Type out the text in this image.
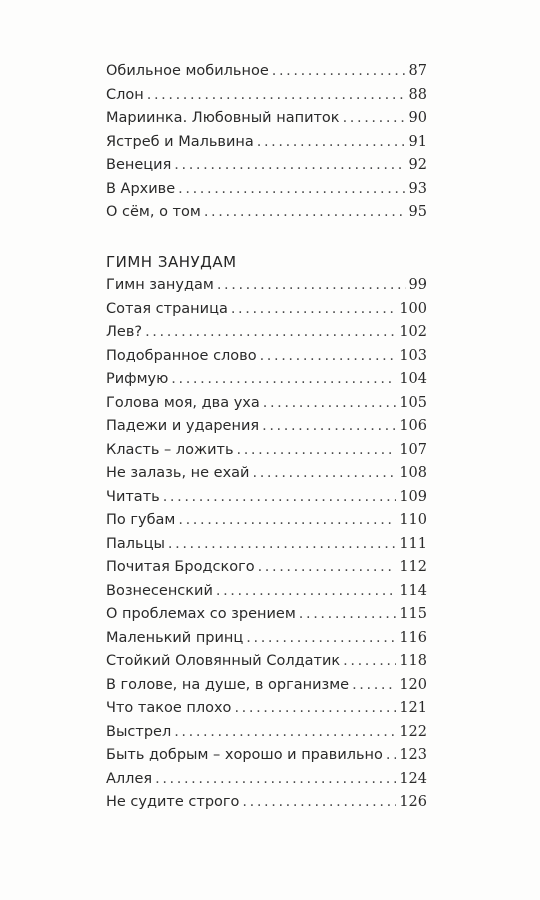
Обильное мобильное .....	87
Слон .....	88
Мариинка. Любовный напиток .....	90
Ястреб и Мальвина .....	91
Венеция .....	92
В Архиве .....	93
О сём, о том .....	95
ГИМН ЗАНУДАМ
Гимн занудам .....	99
Сотая страница .....	100
Лев? .....	102
Подобранное слово .....	103
Рифмую .....	104
Голова моя, два уха .....	105
Падежи и ударения .....	106
Класть – ложить .....	107
Не залазь, не ехай .....	108
Читать .....	109
По губам .....	110
Пальцы .....	111
Почитая Бродского .....	112
Вознесенский .....	114
О проблемах со зрением .....	115
Маленький принц .....	116
Стойкий Оловянный Солдатик .....	118
В голове, на душе, в организме .....	120
Что такое плохо .....	121
Выстрел .....	122
Быть добрым – хорошо и правильно ..... 123
Аллея .....	124
Не судите строго .....	126
